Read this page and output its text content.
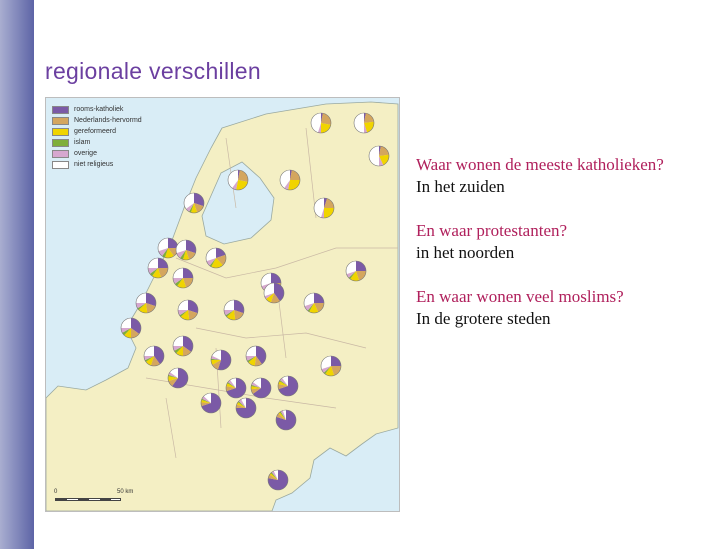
regionale verschillen
rooms-katholiek
Nederlands-hervormd
gereformeerd
islam
overige
niet religieus
0	50 km
Waar wonen de meeste katholieken?
In het zuiden
En waar protestanten?
in het noorden
En waar wonen veel moslims?
In de grotere steden
